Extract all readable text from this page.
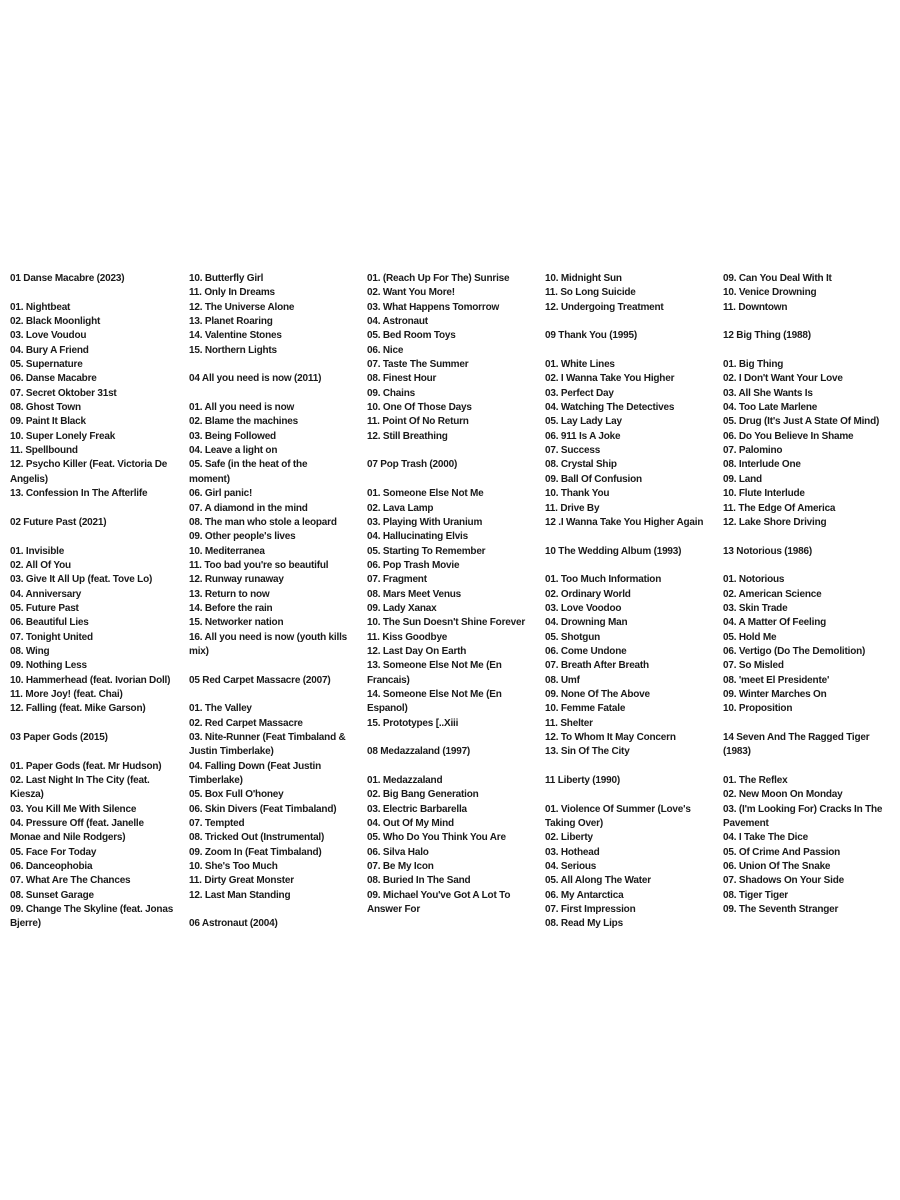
01 Danse Macabre (2023)
01. Nightbeat
02. Black Moonlight
03. Love Voudou
04. Bury A Friend
05. Supernature
06. Danse Macabre
07. Secret Oktober 31st
08. Ghost Town
09. Paint It Black
10. Super Lonely Freak
11. Spellbound
12. Psycho Killer (Feat. Victoria De
Angelis)
13. Confession In The Afterlife
02 Future Past (2021)
01. Invisible
02. All Of You
03. Give It All Up (feat. Tove Lo)
04. Anniversary
05. Future Past
06. Beautiful Lies
07. Tonight United
08. Wing
09. Nothing Less
10. Hammerhead (feat. Ivorian Doll)
11. More Joy! (feat. Chai)
12. Falling (feat. Mike Garson)
03 Paper Gods (2015)
01. Paper Gods (feat. Mr Hudson)
02. Last Night In The City (feat.
Kiesza)
03. You Kill Me With Silence
04. Pressure Off (feat. Janelle
Monae and Nile Rodgers)
05. Face For Today
06. Danceophobia
07. What Are The Chances
08. Sunset Garage
09. Change The Skyline (feat. Jonas
Bjerre)
10. Butterfly Girl
11. Only In Dreams
12. The Universe Alone
13. Planet Roaring
14. Valentine Stones
15. Northern Lights
04 All you need is now (2011)
01. All you need is now
02. Blame the machines
03. Being Followed
04. Leave a light on
05. Safe (in the heat of the
moment)
06. Girl panic!
07. A diamond in the mind
08. The man who stole a leopard
09. Other people's lives
10. Mediterranea
11. Too bad you're so beautiful
12. Runway runaway
13. Return to now
14. Before the rain
15. Networker nation
16. All you need is now (youth kills
mix)
05 Red Carpet Massacre (2007)
01. The Valley
02. Red Carpet Massacre
03. Nite-Runner (Feat Timbaland &
Justin Timberlake)
04. Falling Down (Feat Justin
Timberlake)
05. Box Full O'honey
06. Skin Divers (Feat Timbaland)
07. Tempted
08. Tricked Out (Instrumental)
09. Zoom In (Feat Timbaland)
10. She's Too Much
11. Dirty Great Monster
12. Last Man Standing
06 Astronaut (2004)
01. (Reach Up For The) Sunrise
02. Want You More!
03. What Happens Tomorrow
04. Astronaut
05. Bed Room Toys
06. Nice
07. Taste The Summer
08. Finest Hour
09. Chains
10. One Of Those Days
11. Point Of No Return
12. Still Breathing
07 Pop Trash (2000)
01. Someone Else Not Me
02. Lava Lamp
03. Playing With Uranium
04. Hallucinating Elvis
05. Starting To Remember
06. Pop Trash Movie
07. Fragment
08. Mars Meet Venus
09. Lady Xanax
10. The Sun Doesn't Shine Forever
11. Kiss Goodbye
12. Last Day On Earth
13. Someone Else Not Me (En
Francais)
14. Someone Else Not Me (En
Espanol)
15. Prototypes [..Xiii
08 Medazzaland (1997)
01. Medazzaland
02. Big Bang Generation
03. Electric Barbarella
04. Out Of My Mind
05. Who Do You Think You Are
06. Silva Halo
07. Be My Icon
08. Buried In The Sand
09. Michael You've Got A Lot To
Answer For
10. Midnight Sun
11. So Long Suicide
12. Undergoing Treatment
09 Thank You (1995)
01. White Lines
02. I Wanna Take You Higher
03. Perfect Day
04. Watching The Detectives
05. Lay Lady Lay
06. 911 Is A Joke
07. Success
08. Crystal Ship
09. Ball Of Confusion
10. Thank You
11. Drive By
12 .I Wanna Take You Higher Again
10 The Wedding Album (1993)
01. Too Much Information
02. Ordinary World
03. Love Voodoo
04. Drowning Man
05. Shotgun
06. Come Undone
07. Breath After Breath
08. Umf
09. None Of The Above
10. Femme Fatale
11. Shelter
12. To Whom It May Concern
13. Sin Of The City
11 Liberty (1990)
01. Violence Of Summer (Love's
Taking Over)
02. Liberty
03. Hothead
04. Serious
05. All Along The Water
06. My Antarctica
07. First Impression
08. Read My Lips
09. Can You Deal With It
10. Venice Drowning
11. Downtown
12 Big Thing (1988)
01. Big Thing
02. I Don't Want Your Love
03. All She Wants Is
04. Too Late Marlene
05. Drug (It's Just A State Of Mind)
06. Do You Believe In Shame
07. Palomino
08. Interlude One
09. Land
10. Flute Interlude
11. The Edge Of America
12. Lake Shore Driving
13 Notorious (1986)
01. Notorious
02. American Science
03. Skin Trade
04. A Matter Of Feeling
05. Hold Me
06. Vertigo (Do The Demolition)
07. So Misled
08. 'meet El Presidente'
09. Winter Marches On
10. Proposition
14 Seven And The Ragged Tiger
(1983)
01. The Reflex
02. New Moon On Monday
03. (I'm Looking For) Cracks In The
Pavement
04. I Take The Dice
05. Of Crime And Passion
06. Union Of The Snake
07. Shadows On Your Side
08. Tiger Tiger
09. The Seventh Stranger
